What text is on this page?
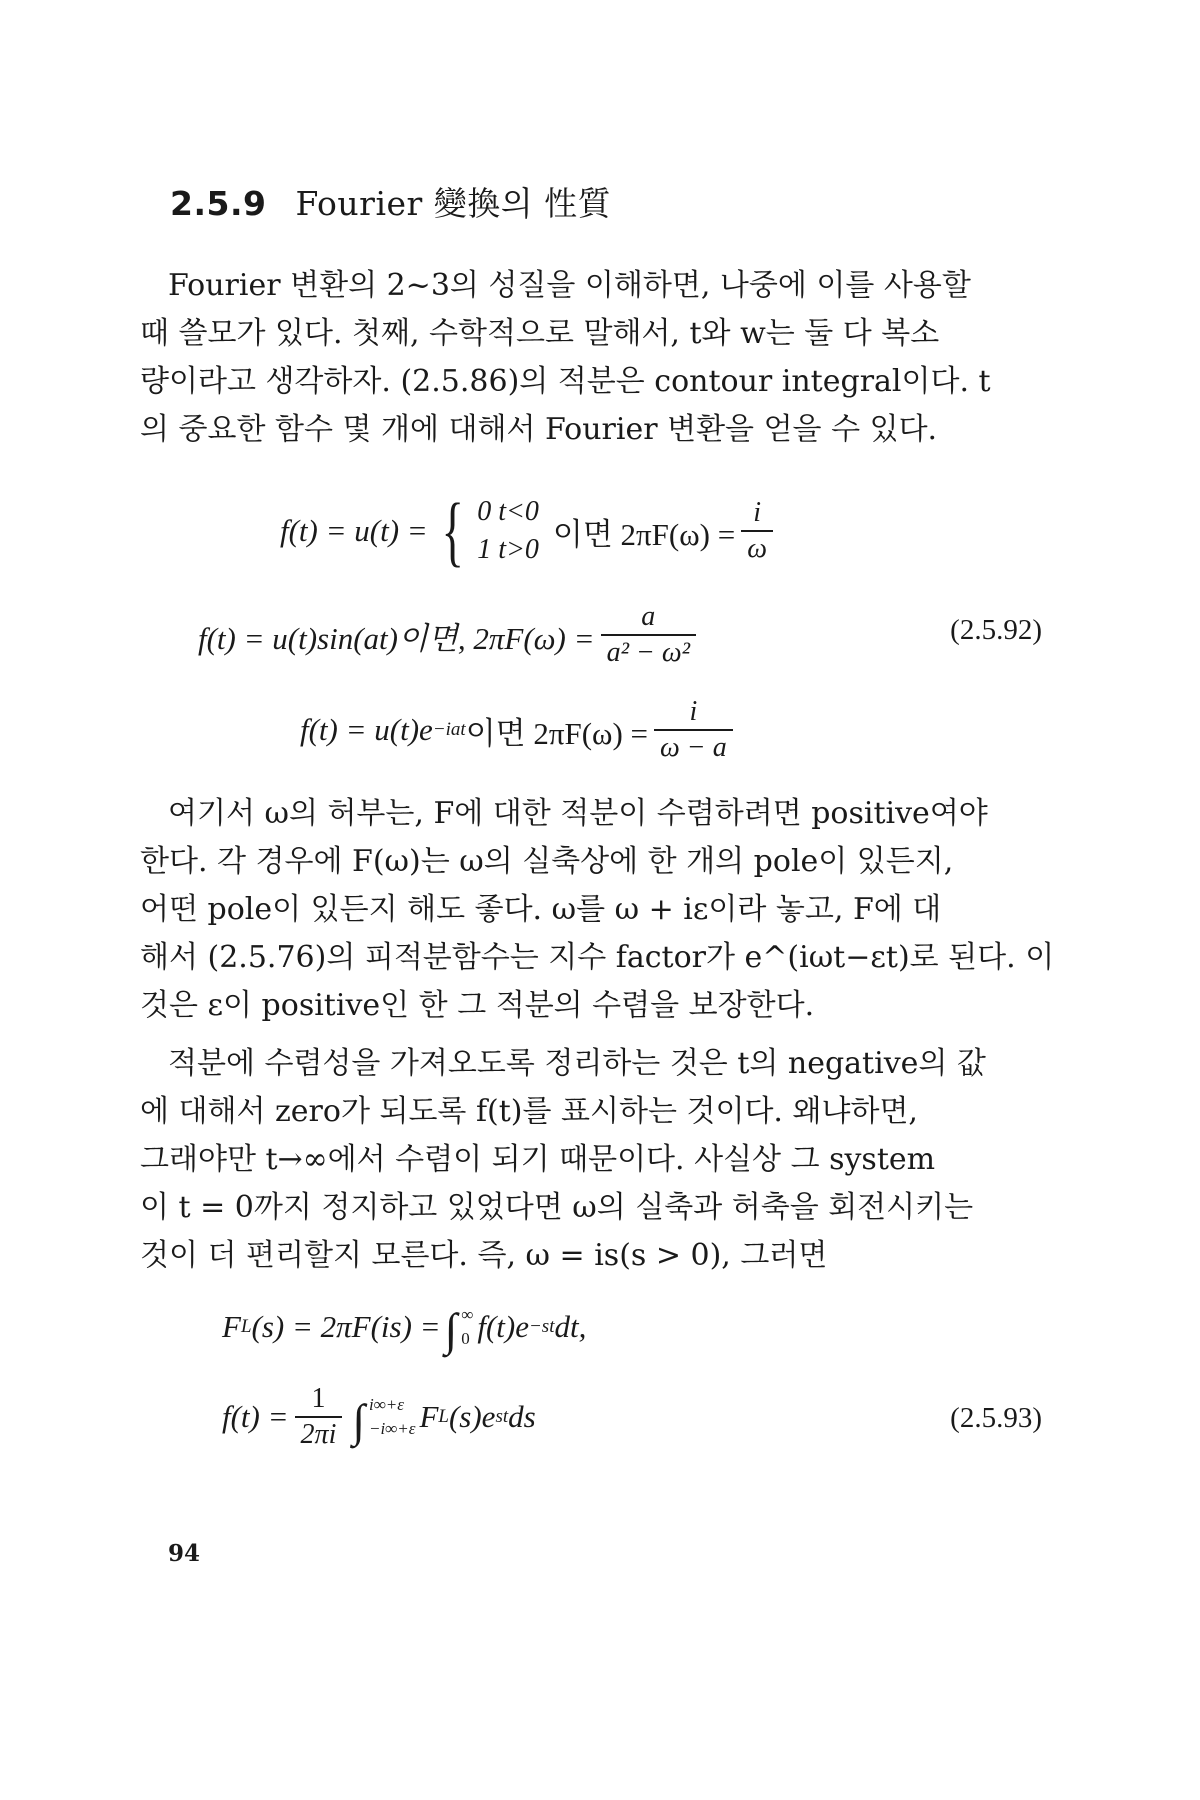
2.5.9 Fourier 變換의 性質
Fourier 변환의 2~3의 성질을 이해하면, 나중에 이를 사용할
때 쓸모가 있다. 첫째, 수학적으로 말해서, t와 w는 둘 다 복소
량이라고 생각하자. (2.5.86)의 적분은 contour integral이다. t
의 중요한 함수 몇 개에 대해서 Fourier 변환을 얻을 수 있다.
f(t) = u(t) = { 0 t<0
1 t>0 이면 $2\pi F(\omega) = \frac{i}{\omega}$
f(t) = u(t)sin(at)이면, $2\pi F(\omega) = \frac{a}{\text{a² − ω²}}$	(2.5.92)
f(t) = u(t)e −iat 이면 $2\pi F(\omega) = \frac{i}{\omega - a}$
여기서 ω의 허부는, F에 대한 적분이 수렴하려면 positive여야
한다. 각 경우에 F(ω)는 ω의 실축상에 한 개의 pole이 있든지,
어떤 pole이 있든지 해도 좋다. ω를 ω + iε이라 놓고, F에 대
해서 (2.5.76)의 피적분함수는 지수 factor가 e^(iωt−εt)로 된다. 이
것은 ε이 positive인 한 그 적분의 수렴을 보장한다.
적분에 수렴성을 가져오도록 정리하는 것은 t의 negative의 값
에 대해서 zero가 되도록 f(t)를 표시하는 것이다. 왜냐하면,
그래야만 t→∞에서 수렴이 되기 때문이다. 사실상 그 system
이 t = 0까지 정지하고 있었다면 ω의 실축과 허축을 회전시키는
것이 더 편리할지 모른다. 즉, ω = is(s > 0), 그러면
F L (s) = 2πF(is) = ∫ ∞
0 f(t)e −st dt,
$f(t) = \frac{1}{2\pi i}$ ∫ i∞+ε
−i∞+ε F L (s)e st ds	(2.5.93)
94
